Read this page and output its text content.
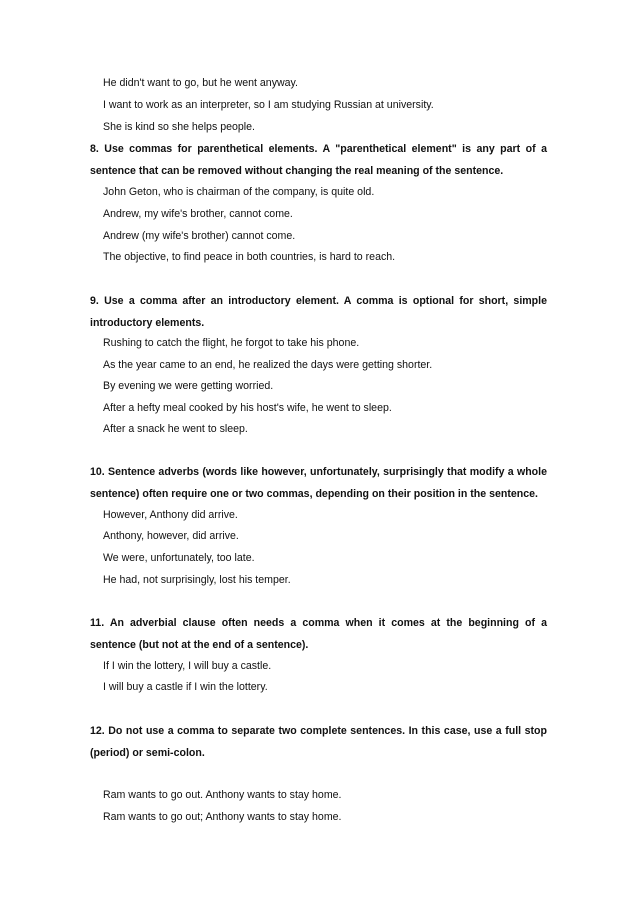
He didn't want to go, but he went anyway.
I want to work as an interpreter, so I am studying Russian at university.
She is kind so she helps people.
8. Use commas for parenthetical elements. A "parenthetical element" is any part of a sentence that can be removed without changing the real meaning of the sentence.
John Geton, who is chairman of the company, is quite old.
Andrew, my wife's brother, cannot come.
Andrew (my wife's brother) cannot come.
The objective, to find peace in both countries, is hard to reach.
9. Use a comma after an introductory element. A comma is optional for short, simple introductory elements.
Rushing to catch the flight, he forgot to take his phone.
As the year came to an end, he realized the days were getting shorter.
By evening we were getting worried.
After a hefty meal cooked by his host's wife, he went to sleep.
After a snack he went to sleep.
10. Sentence adverbs (words like however, unfortunately, surprisingly that modify a whole sentence) often require one or two commas, depending on their position in the sentence.
However, Anthony did arrive.
Anthony, however, did arrive.
We were, unfortunately, too late.
He had, not surprisingly, lost his temper.
11. An adverbial clause often needs a comma when it comes at the beginning of a sentence (but not at the end of a sentence).
If I win the lottery, I will buy a castle.
I will buy a castle if I win the lottery.
12. Do not use a comma to separate two complete sentences. In this case, use a full stop (period) or semi-colon.
Ram wants to go out. Anthony wants to stay home.
Ram wants to go out; Anthony wants to stay home.
